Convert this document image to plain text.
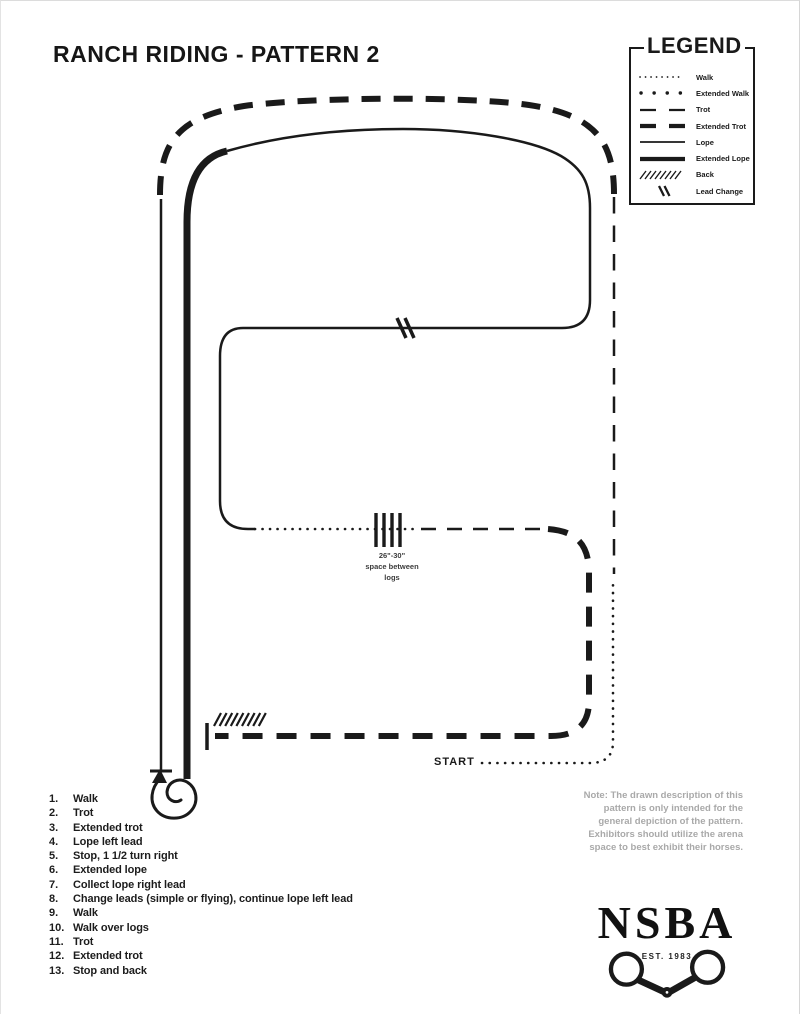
RANCH RIDING - PATTERN 2	LEGEND
Walk
Extended Walk
Trot
Extended Trot
Lope
Extended Lope
Back
Lead Change
START
26"-30"
space between
logs
1.	Walk
2.	Trot
3.	Extended trot
4.	Lope left lead
5.	Stop, 1 1/2 turn right
6.	Extended lope
7.	Collect lope right lead
8.	Change leads (simple or flying), continue lope left lead
9.	Walk
10. Walk over logs
11. Trot
12. Extended trot
13. Stop and back
Note: The drawn description of this
pattern is only intended for the
general depiction of the pattern.
Exhibitors should utilize the arena
space to best exhibit their horses.
NSBA
EST. 1983
